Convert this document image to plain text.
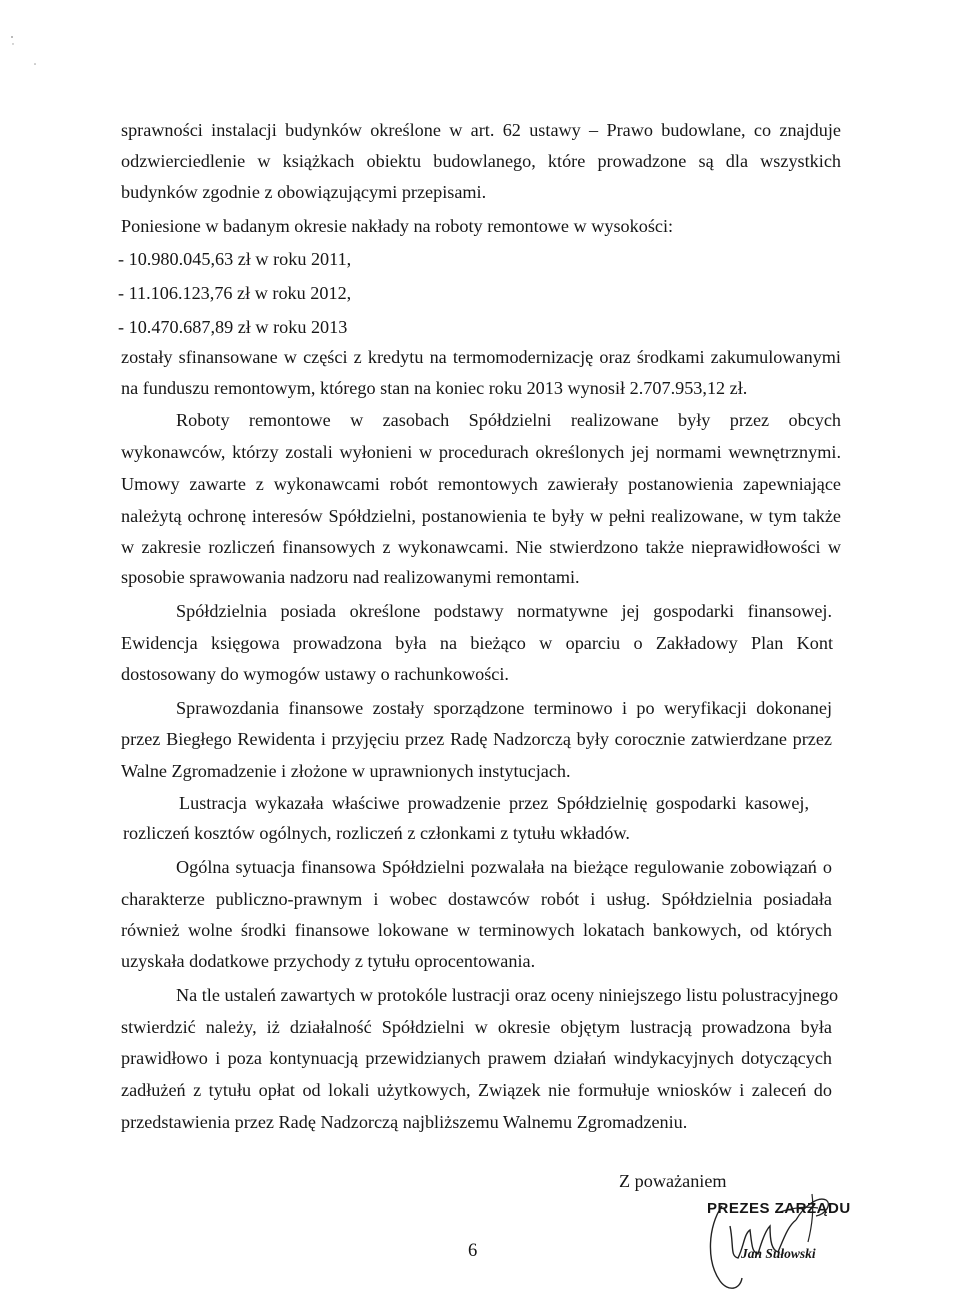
sprawności instalacji budynków określone w art. 62 ustawy – Prawo budowlane, co znajduje
odzwierciedlenie w książkach obiektu budowlanego, które prowadzone są dla wszystkich
budynków zgodnie z obowiązującymi przepisami.
Poniesione w badanym okresie nakłady na roboty remontowe w wysokości:
- 10.980.045,63 zł w roku 2011,
- 11.106.123,76 zł w roku 2012,
- 10.470.687,89 zł w roku 2013
zostały sfinansowane w części z kredytu na termomodernizację oraz środkami zakumulowanymi
na funduszu remontowym, którego stan na koniec roku 2013 wynosił 2.707.953,12 zł.
Roboty remontowe w zasobach Spółdzielni realizowane były przez obcych
wykonawców, którzy zostali wyłonieni w procedurach określonych jej normami wewnętrznymi.
Umowy zawarte z wykonawcami robót remontowych zawierały postanowienia zapewniające
należytą ochronę interesów Spółdzielni, postanowienia te były w pełni realizowane, w tym także
w zakresie rozliczeń finansowych z wykonawcami. Nie stwierdzono także nieprawidłowości w
sposobie sprawowania nadzoru nad realizowanymi remontami.
Spółdzielnia posiada określone podstawy normatywne jej gospodarki finansowej.
Ewidencja księgowa prowadzona była na bieżąco w oparciu o Zakładowy Plan Kont
dostosowany do wymogów ustawy o rachunkowości.
Sprawozdania finansowe zostały sporządzone terminowo i po weryfikacji dokonanej
przez Biegłego Rewidenta i przyjęciu przez Radę Nadzorczą były corocznie zatwierdzane przez
Walne Zgromadzenie i złożone w uprawnionych instytucjach.
Lustracja wykazała właściwe prowadzenie przez Spółdzielnię gospodarki kasowej,
rozliczeń kosztów ogólnych, rozliczeń z członkami z tytułu wkładów.
Ogólna sytuacja finansowa Spółdzielni pozwalała na bieżące regulowanie zobowiązań o
charakterze publiczno-prawnym i wobec dostawców robót i usług. Spółdzielnia posiadała
również wolne środki finansowe lokowane w terminowych lokatach bankowych, od których
uzyskała dodatkowe przychody z tytułu oprocentowania.
Na tle ustaleń zawartych w protokóle lustracji oraz oceny niniejszego listu polustracyjnego
stwierdzić należy, iż działalność Spółdzielni w okresie objętym lustracją prowadzona była
prawidłowo i poza kontynuacją przewidzianych prawem działań windykacyjnych dotyczących
zadłużeń z tytułu opłat od lokali użytkowych, Związek nie formułuje wniosków i zaleceń do
przedstawienia przez Radę Nadzorczą najbliższemu Walnemu Zgromadzeniu.
Z poważaniem
PREZES ZARZĄDU
Jan Sułowski
6
